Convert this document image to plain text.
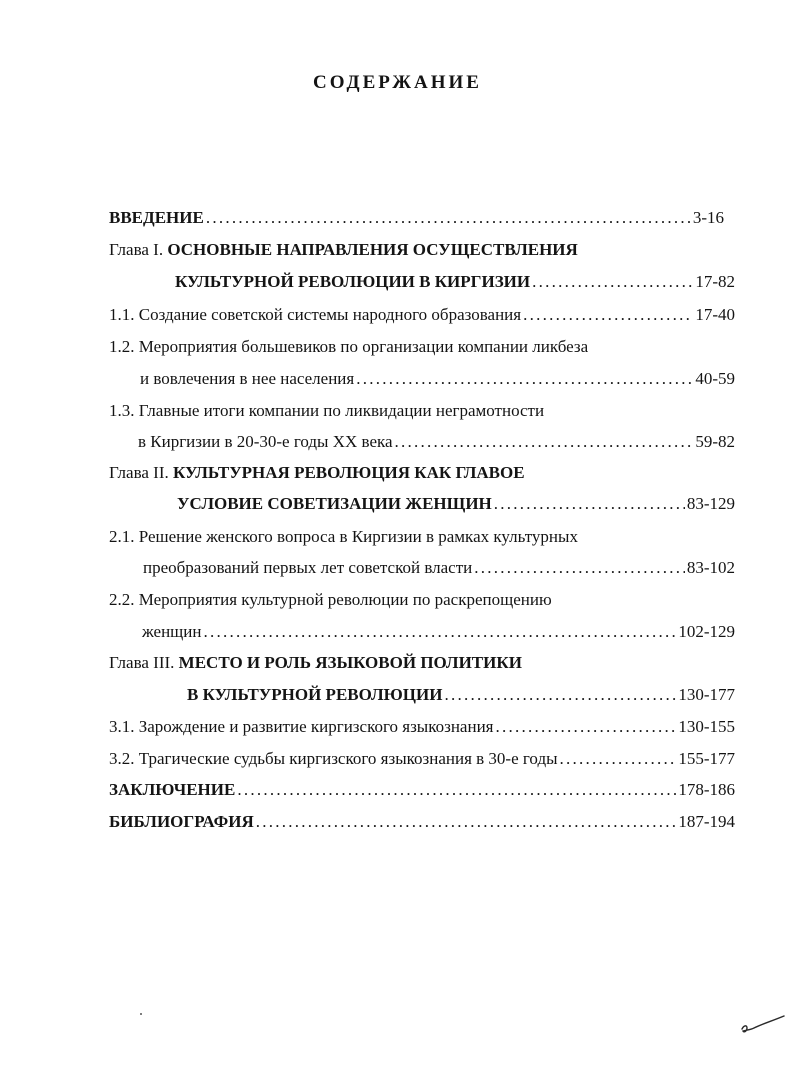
СОДЕРЖАНИЕ
ВВЕДЕНИЕ . . .	3-16
Глава I. ОСНОВНЫЕ НАПРАВЛЕНИЯ ОСУЩЕСТВЛЕНИЯ
КУЛЬТУРНОЙ РЕВОЛЮЦИИ В КИРГИЗИИ . . .	17-82
1.1. Создание советской системы народного образования . . .	17-40
1.2. Мероприятия большевиков по организации компании ликбеза
и вовлечения в нее населения . . .	40-59
1.3. Главные итоги компании по ликвидации неграмотности
в Киргизии в 20-30-е годы XX века . . .	59-82
Глава II. КУЛЬТУРНАЯ РЕВОЛЮЦИЯ КАК ГЛАВОЕ
УСЛОВИЕ СОВЕТИЗАЦИИ ЖЕНЩИН . . .	83-129
2.1. Решение женского вопроса в Киргизии в рамках культурных
преобразований первых лет советской власти . . .	83-102
2.2. Мероприятия культурной революции по раскрепощению
женщин . . .	102-129
Глава III. МЕСТО И РОЛЬ ЯЗЫКОВОЙ ПОЛИТИКИ
В КУЛЬТУРНОЙ РЕВОЛЮЦИИ . . .	130-177
3.1. Зарождение и развитие киргизского языкознания . . .	130-155
3.2. Трагические судьбы киргизского языкознания в 30-е годы . . .	155-177
ЗАКЛЮЧЕНИЕ . . .	178-186
БИБЛИОГРАФИЯ . . .	187-194
